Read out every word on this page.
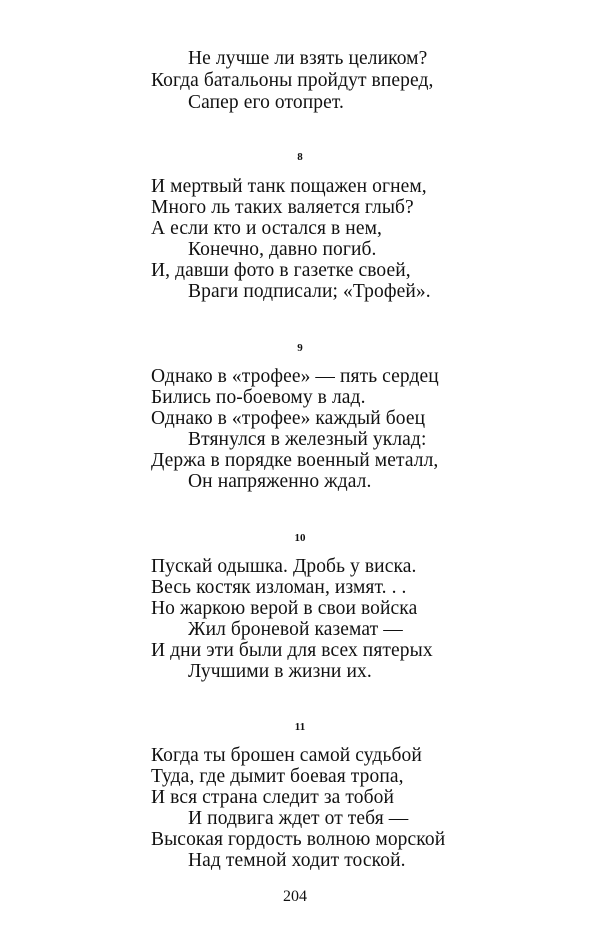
Не лучше ли взять целиком?
Когда батальоны пройдут вперед,
Сапер его отопрет.
8
И мертвый танк пощажен огнем,
Много ль таких валяется глыб?
А если кто и остался в нем,
Конечно, давно погиб.
И, давши фото в газетке своей,
Враги подписали; «Трофей».
9
Однако в «трофее» — пять сердец
Бились по-боевому в лад.
Однако в «трофее» каждый боец
Втянулся в железный уклад:
Держа в порядке военный металл,
Он напряженно ждал.
10
Пускай одышка. Дробь у виска.
Весь костяк изломан, измят. . .
Но жаркою верой в свои войска
Жил броневой каземат —
И дни эти были для всех пятерых
Лучшими в жизни их.
11
Когда ты брошен самой судьбой
Туда, где дымит боевая тропа,
И вся страна следит за тобой
И подвига ждет от тебя —
Высокая гордость волною морской
Над темной ходит тоской.
204
